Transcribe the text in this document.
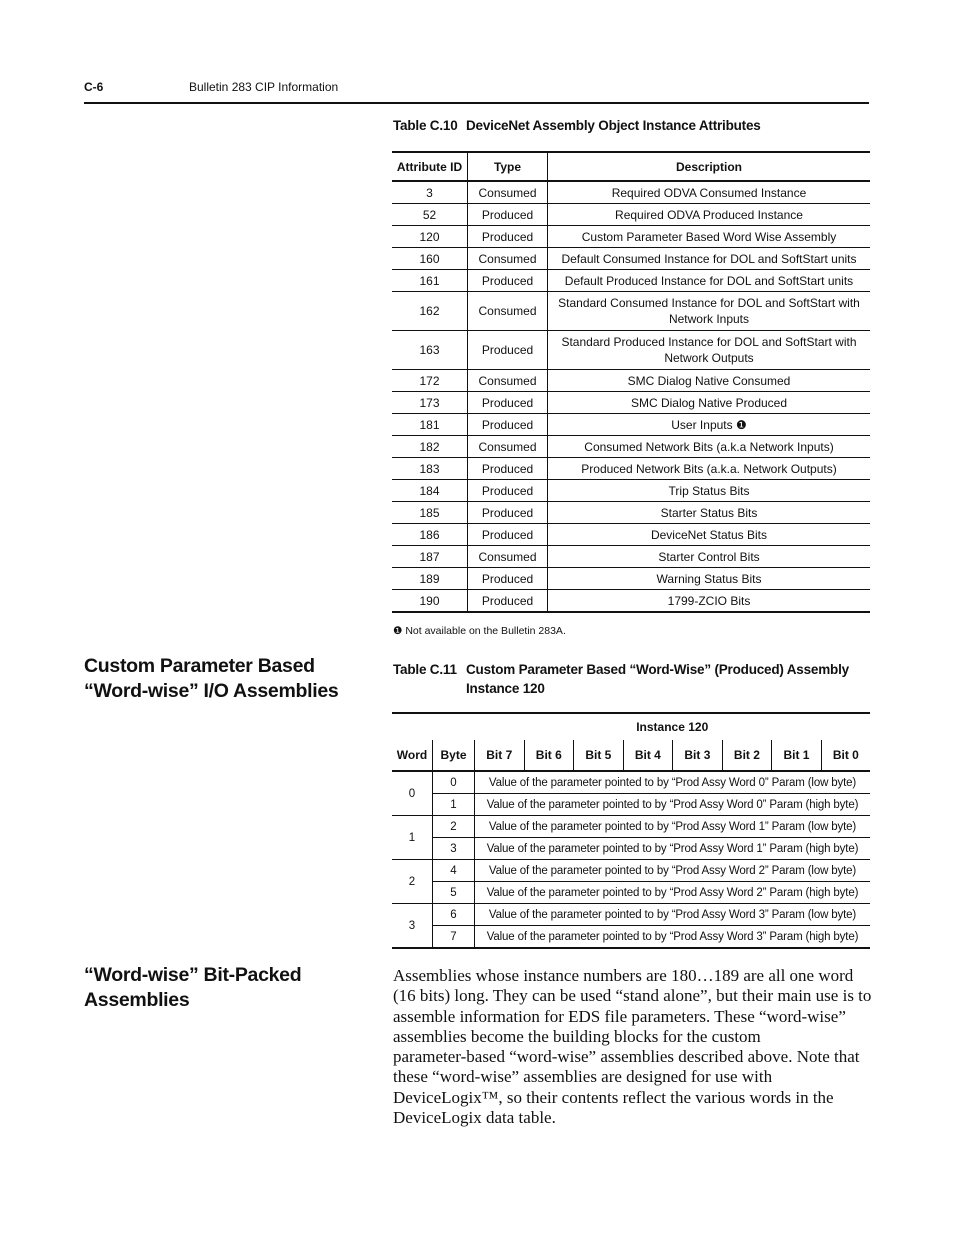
C-6	Bulletin 283 CIP Information
Table C.10 DeviceNet Assembly Object Instance Attributes
Attribute ID	Type	Description
3	Consumed	Required ODVA Consumed Instance
52	Produced	Required ODVA Produced Instance
120	Produced	Custom Parameter Based Word Wise Assembly
160	Consumed	Default Consumed Instance for DOL and SoftStart units
161	Produced	Default Produced Instance for DOL and SoftStart units
162	Consumed	Standard Consumed Instance for DOL and SoftStart with
Network Inputs

163	Produced	Standard Produced Instance for DOL and SoftStart with
Network Outputs

172	Consumed	SMC Dialog Native Consumed
173	Produced	SMC Dialog Native Produced
181	Produced	User Inputs ❶
182	Consumed	Consumed Network Bits (a.k.a Network Inputs)
183	Produced	Produced Network Bits (a.k.a. Network Outputs)
184	Produced	Trip Status Bits
185	Produced	Starter Status Bits
186	Produced	DeviceNet Status Bits
187	Consumed	Starter Control Bits
189	Produced	Warning Status Bits
190	Produced	1799-ZCIO Bits
❶ Not available on the Bulletin 283A.
Custom Parameter Based
“Word-wise” I/O Assemblies
Table C.11 Custom Parameter Based “Word-Wise” (Produced) Assembly
Instance 120
		Instance 120							
Word	Byte	Bit 7	Bit 6	Bit 5	Bit 4	Bit 3	Bit 2	Bit 1	Bit 0
0	0	Value of the parameter pointed to by “Prod Assy Word 0” Param (low byte)							
	1	Value of the parameter pointed to by “Prod Assy Word 0” Param (high byte)							
1	2	Value of the parameter pointed to by “Prod Assy Word 1” Param (low byte)							
	3	Value of the parameter pointed to by “Prod Assy Word 1” Param (high byte)							
2	4	Value of the parameter pointed to by “Prod Assy Word 2” Param (low byte)							
	5	Value of the parameter pointed to by “Prod Assy Word 2” Param (high byte)							
3	6	Value of the parameter pointed to by “Prod Assy Word 3” Param (low byte)							
	7	Value of the parameter pointed to by “Prod Assy Word 3” Param (high byte)							
“Word-wise” Bit-Packed
Assemblies
Assemblies whose instance numbers are 180…189 are all one word
(16 bits) long. They can be used “stand alone”, but their main use is to
assemble information for EDS file parameters. These “word-wise”
assemblies become the building blocks for the custom
parameter-based “word-wise” assemblies described above. Note that
these “word-wise” assemblies are designed for use with
DeviceLogix™, so their contents reflect the various words in the
DeviceLogix data table.
